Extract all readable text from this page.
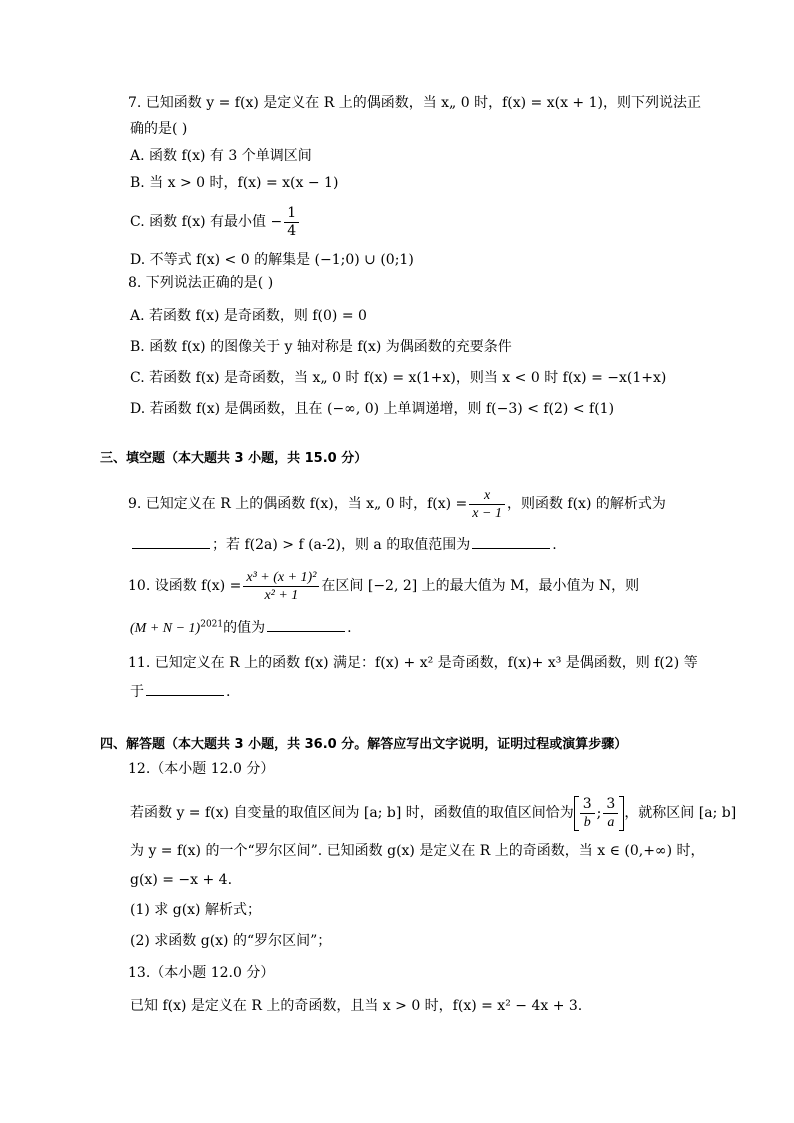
7. 已知函数 y = f(x) 是定义在 R 上的偶函数，当 x„ 0 时，f(x) = x(x + 1)，则下列说法正
确的是( )
A. 函数 f(x) 有 3 个单调区间
B. 当 x > 0 时，f(x) = x(x − 1)
C. 函数 f(x) 有最小值 − $\frac{1}{4}$
D. 不等式 f(x) < 0 的解集是 (−1;0) ∪ (0;1)
8. 下列说法正确的是( )
A. 若函数 f(x) 是奇函数，则 f(0) = 0
B. 函数 f(x) 的图像关于 y 轴对称是 f(x) 为偶函数的充要条件
C. 若函数 f(x) 是奇函数，当 x„ 0 时 f(x) = x(1+x)，则当 x < 0 时 f(x) = −x(1+x)
D. 若函数 f(x) 是偶函数，且在 (−∞, 0) 上单调递增，则 f(−3) < f(2) < f(1)
三、填空题（本大题共 3 小题，共 15.0 分）
9. 已知定义在 R 上的偶函数 f(x)，当 x„ 0 时，$f(x) = \frac{x}{x - 1}$ ，则函数 f(x) 的解析式为
；若 f(2a) > f (a-2)，则 a 的取值范围为	.
10. 设函数 $f(x) = \frac{\text{x³ + (x + 1)²}}{\text{x² + 1}}$ 在区间 [−2, 2] 上的最大值为 M，最小值为 N，则
$(M + N - 1)^{2021}$的值为	.
11. 已知定义在 R 上的函数 f(x) 满足：f(x) + x² 是奇函数，f(x)+ x³ 是偶函数，则 f(2) 等
于	.
四、解答题（本大题共 3 小题，共 36.0 分。解答应写出文字说明，证明过程或演算步骤）
12.（本小题 12.0 分）
若函数 y = f(x) 自变量的取值区间为 [a; b] 时，函数值的取值区间恰为 $\frac{3}{b}$ ; $\frac{3}{a}$ ，就称区间 [a; b]
为 y = f(x) 的一个“罗尔区间”. 已知函数 g(x) 是定义在 R 上的奇函数，当 x ∈ (0,+∞) 时，
g(x) = −x + 4.
(1) 求 g(x) 解析式；
(2) 求函数 g(x) 的“罗尔区间”；
13.（本小题 12.0 分）
已知 f(x) 是定义在 R 上的奇函数，且当 x > 0 时，f(x) = x² − 4x + 3.
